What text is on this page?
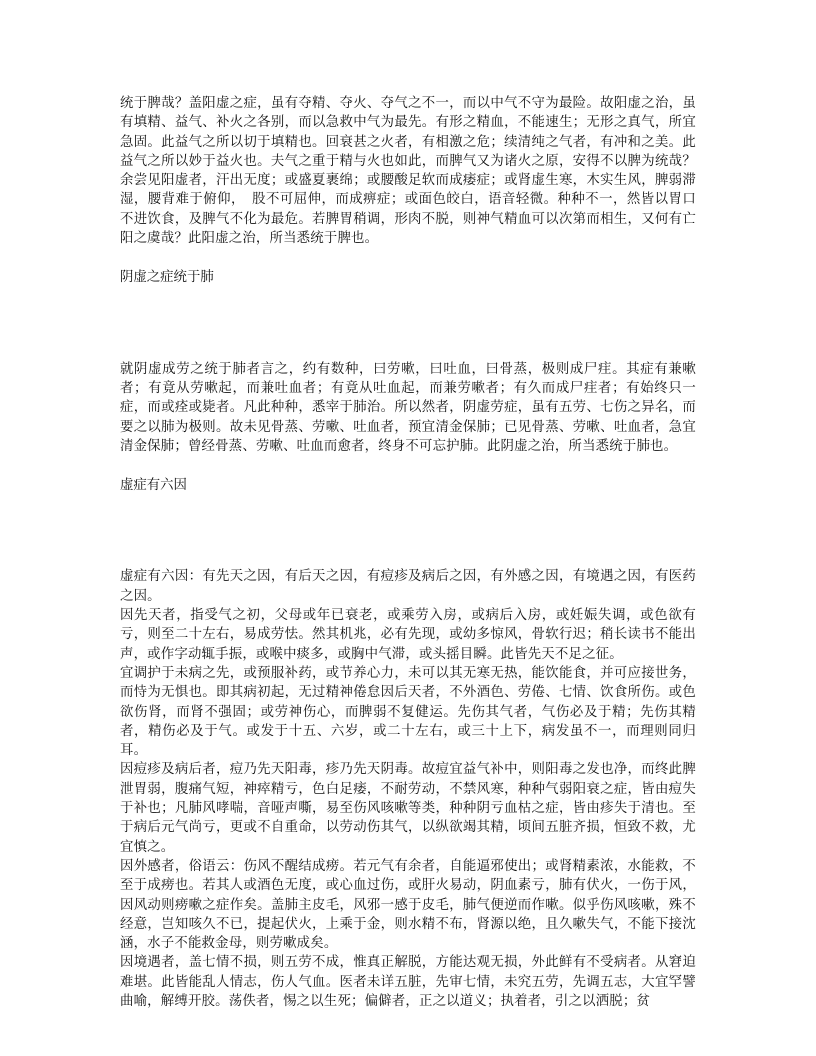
统于脾哉？盖阳虚之症，虽有夺精、夺火、夺气之不一，而以中气不守为最险。故阳虚之治，虽有填精、益气、补火之各别，而以急救中气为最先。有形之精血，不能速生；无形之真气，所宜急固。此益气之所以切于填精也。回衰甚之火者，有相激之危；续清纯之气者，有冲和之美。此益气之所以妙于益火也。夫气之重于精与火也如此，而脾气又为诸火之原，安得不以脾为统哉？余尝见阳虚者，汗出无度；或盛夏裹绵；或腰酸足软而成痿症；或肾虚生寒，木实生风，脾弱滞湿，腰背难于俯仰，　股不可屈伸，而成痹症；或面色皎白，语音轻微。种种不一，然皆以胃口不进饮食，及脾气不化为最危。若脾胃稍调，形肉不脱，则神气精血可以次第而相生，又何有亡阳之虞哉？此阳虚之治，所当悉统于脾也。

阴虚之症统于肺

就阴虚成劳之统于肺者言之，约有数种，曰劳嗽，曰吐血，曰骨蒸，极则成尸疰。其症有兼嗽者；有竟从劳嗽起，而兼吐血者；有竟从吐血起，而兼劳嗽者；有久而成尸疰者；有始终只一症，而或痊或毙者。凡此种种，悉宰于肺治。所以然者，阴虚劳症，虽有五劳、七伤之异名，而要之以肺为极则。故未见骨蒸、劳嗽、吐血者，预宜清金保肺；已见骨蒸、劳嗽、吐血者，急宜清金保肺；曾经骨蒸、劳嗽、吐血而愈者，终身不可忘护肺。此阴虚之治，所当悉统于肺也。

虚症有六因

虚症有六因：有先天之因，有后天之因，有痘疹及病后之因，有外感之因，有境遇之因，有医药之因。

因先天者，指受气之初，父母或年已衰老，或乘劳入房，或病后入房，或妊娠失调，或色欲有亏，则至二十左右，易成劳怯。然其机兆，必有先现，或幼多惊风，骨软行迟；稍长读书不能出声，或作字动辄手振，或喉中痰多，或胸中气滞，或头摇目瞬。此皆先天不足之征。

宜调护于未病之先，或预服补药，或节养心力，未可以其无寒无热，能饮能食，并可应接世务，而恃为无惧也。即其病初起，无过精神倦怠因后天者，不外酒色、劳倦、七情、饮食所伤。或色欲伤肾，而肾不强固；或劳神伤心，而脾弱不复健运。先伤其气者，气伤必及于精；先伤其精者，精伤必及于气。或发于十五、六岁，或二十左右，或三十上下，病发虽不一，而理则同归耳。

因痘疹及病后者，痘乃先天阳毒，疹乃先天阴毒。故痘宜益气补中，则阳毒之发也净，而终此脾泄胃弱，腹痛气短，神瘁精亏，色白足痿，不耐劳动，不禁风寒，种种气弱阳衰之症，皆由痘失于补也；凡肺风哮喘，音哑声嘶，易至伤风咳嗽等类，种种阴亏血枯之症，皆由疹失于清也。至于病后元气尚亏，更或不自重命，以劳动伤其气，以纵欲竭其精，顷间五脏齐损，恒致不救，尤宜慎之。

因外感者，俗语云：伤风不醒结成痨。若元气有余者，自能逼邪使出；或肾精素浓，水能救，不至于成痨也。若其人或酒色无度，或心血过伤，或肝火易动，阴血素亏，肺有伏火，一伤于风，因风动则痨嗽之症作矣。盖肺主皮毛，风邪一感于皮毛，肺气便逆而作嗽。似乎伤风咳嗽，殊不经意，岂知咳久不已，提起伏火，上乘于金，则水精不布，肾源以绝，且久嗽失气，不能下接沈涵，水子不能救金母，则劳嗽成矣。

因境遇者，盖七情不损，则五劳不成，惟真正解脱，方能达观无损，外此鲜有不受病者。从窘迫难堪。此皆能乱人情志，伤人气血。医者未详五脏，先审七情，未究五劳，先调五志，大宜罕譬曲喻，解缚开胶。荡佚者，惕之以生死；偏僻者，正之以道义；执着者，引之以洒脱；贫
